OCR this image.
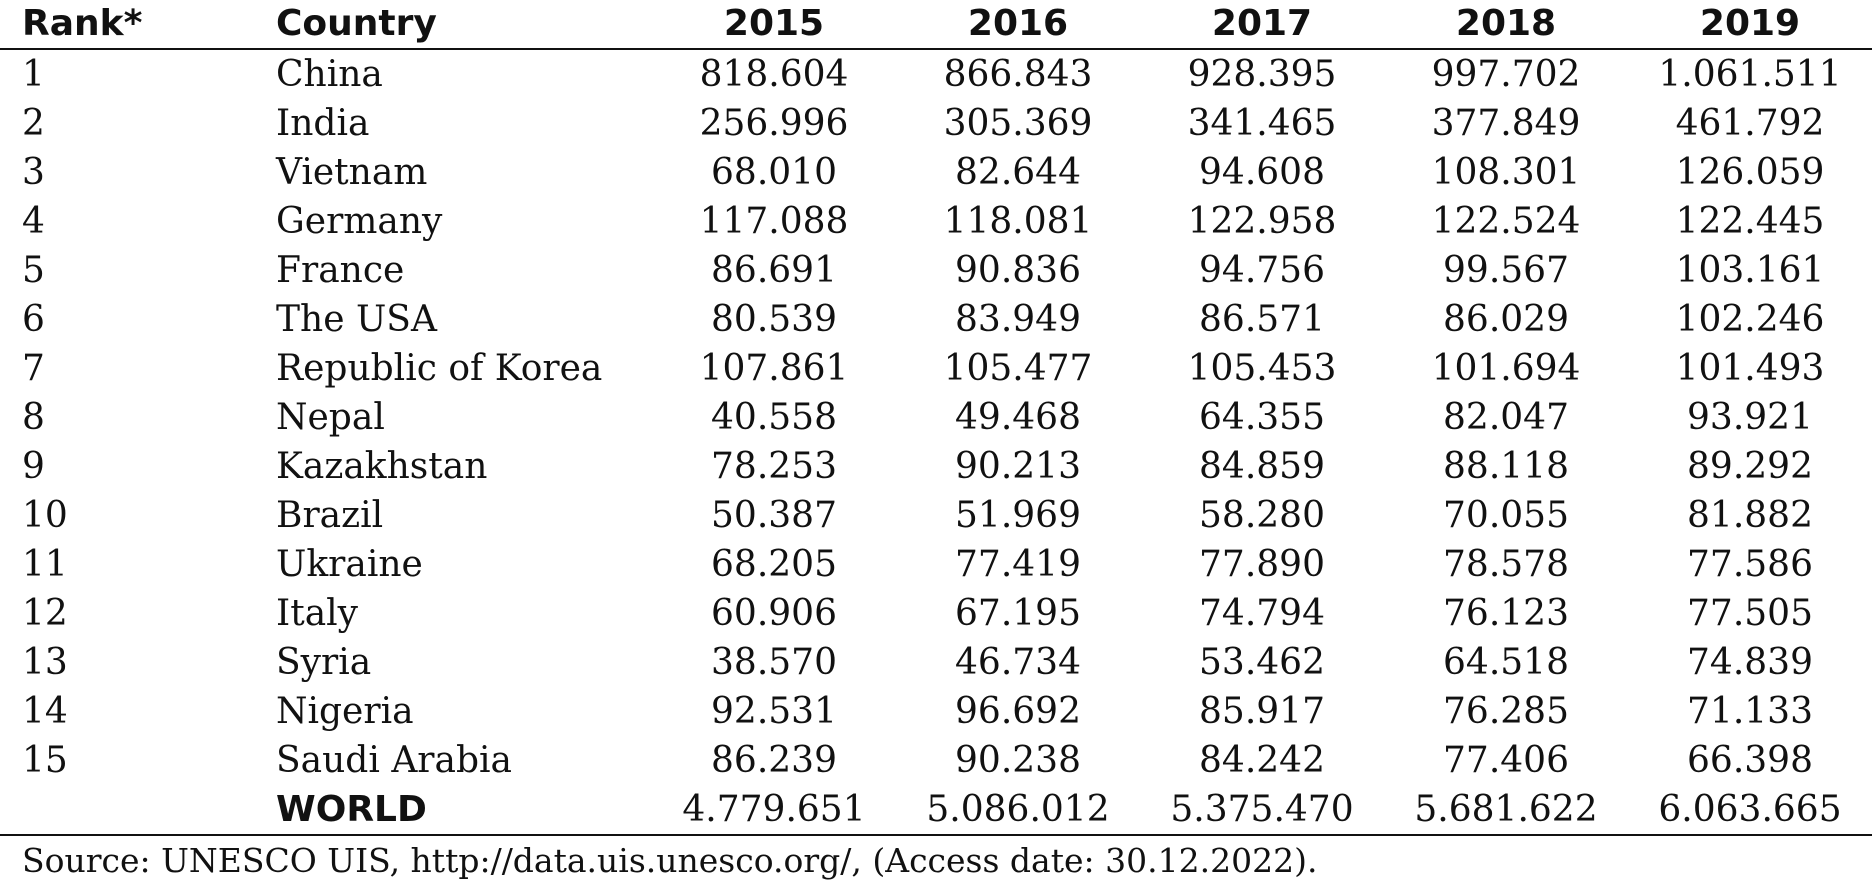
Rank*	Country	2015	2016	2017	2018	2019
1	China	818.604	866.843	928.395	997.702	1.061.511
2	India	256.996	305.369	341.465	377.849	461.792
3	Vietnam	68.010	82.644	94.608	108.301	126.059
4	Germany	117.088	118.081	122.958	122.524	122.445
5	France	86.691	90.836	94.756	99.567	103.161
6	The USA	80.539	83.949	86.571	86.029	102.246
7	Republic of Korea	107.861	105.477	105.453	101.694	101.493
8	Nepal	40.558	49.468	64.355	82.047	93.921
9	Kazakhstan	78.253	90.213	84.859	88.118	89.292
10	Brazil	50.387	51.969	58.280	70.055	81.882
11	Ukraine	68.205	77.419	77.890	78.578	77.586
12	Italy	60.906	67.195	74.794	76.123	77.505
13	Syria	38.570	46.734	53.462	64.518	74.839
14	Nigeria	92.531	96.692	85.917	76.285	71.133
15	Saudi Arabia	86.239	90.238	84.242	77.406	66.398
	WORLD	4.779.651	5.086.012	5.375.470	5.681.622	6.063.665
Source: UNESCO UIS, http://data.uis.unesco.org/, (Access date: 30.12.2022).
